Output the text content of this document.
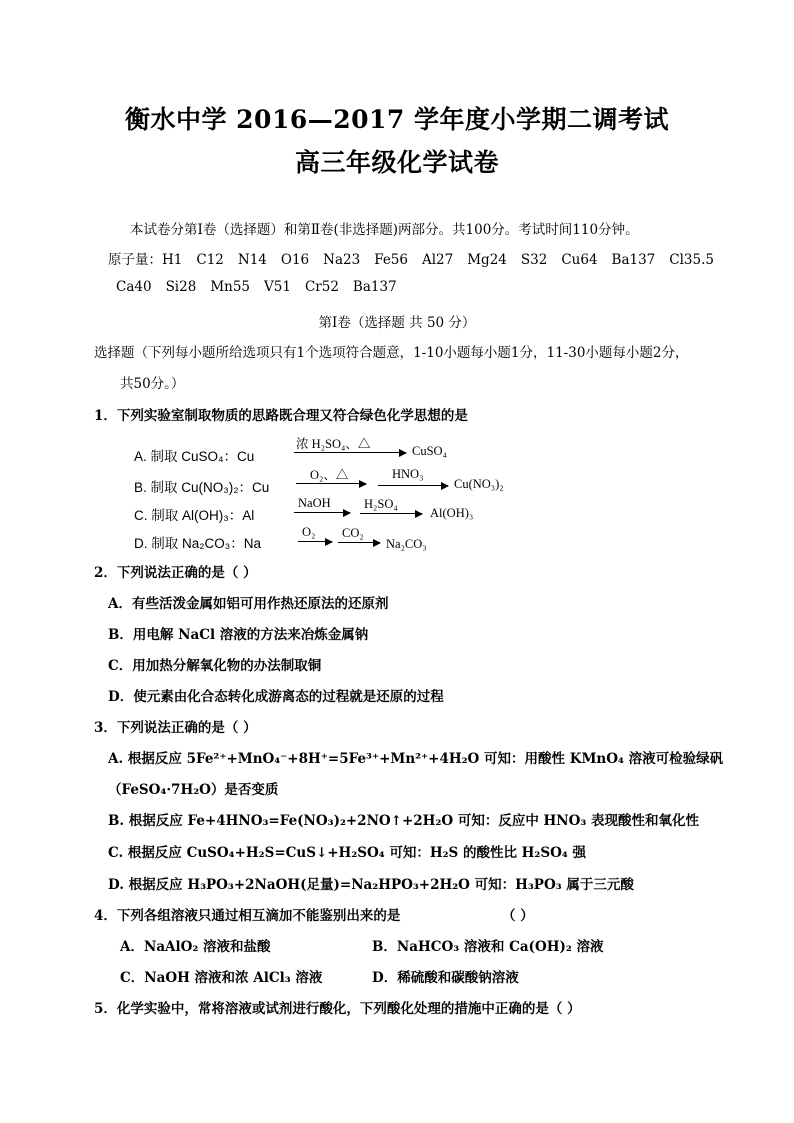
衡水中学 2016—2017 学年度小学期二调考试
高三年级化学试卷
本试卷分第Ⅰ卷（选择题）和第Ⅱ卷(非选择题)两部分。共100分。考试时间110分钟。
原子量：H1 C12 N14 O16 Na23 Fe56 Al27 Mg24 S32 Cu64 Ba137 Cl35.5
Ca40 Si28 Mn55 V51 Cr52 Ba137
第Ⅰ卷（选择题 共 50 分）
选择题（下列每小题所给选项只有1个选项符合题意，1-10小题每小题1分，11-30小题每小题2分，
共50分。）
1．下列实验室制取物质的思路既合理又符合绿色化学思想的是
A. 制取 CuSO₄：Cu
浓 H₂SO₄、△	CuSO₄
B. 制取 Cu(NO₃)₂：Cu
O₂、△	HNO₃
Cu(NO₃)₂
C. 制取 Al(OH)₃：Al
NaOH	H₂SO₄
Al(OH)₃
D. 制取 Na₂CO₃：Na
O₂ CO₂
Na₂CO₃
2．下列说法正确的是（ ）
A．有些活泼金属如铝可用作热还原法的还原剂
B．用电解 NaCl 溶液的方法来冶炼金属钠
C．用加热分解氧化物的办法制取铜
D．使元素由化合态转化成游离态的过程就是还原的过程
3．下列说法正确的是（ ）
A. 根据反应 5Fe²⁺+MnO₄⁻+8H⁺=5Fe³⁺+Mn²⁺+4H₂O 可知：用酸性 KMnO₄ 溶液可检验绿矾
（FeSO₄·7H₂O）是否变质
B. 根据反应 Fe+4HNO₃=Fe(NO₃)₂+2NO↑+2H₂O 可知：反应中 HNO₃ 表现酸性和氧化性
C. 根据反应 CuSO₄+H₂S=CuS↓+H₂SO₄ 可知：H₂S 的酸性比 H₂SO₄ 强
D. 根据反应 H₃PO₃+2NaOH(足量)=Na₂HPO₃+2H₂O 可知：H₃PO₃ 属于三元酸
4．下列各组溶液只通过相互滴加不能鉴别出来的是	（ ）
A．NaAlO₂ 溶液和盐酸	B．NaHCO₃ 溶液和 Ca(OH)₂ 溶液
C．NaOH 溶液和浓 AlCl₃ 溶液	D．稀硫酸和碳酸钠溶液
5．化学实验中，常将溶液或试剂进行酸化，下列酸化处理的措施中正确的是（ ）
